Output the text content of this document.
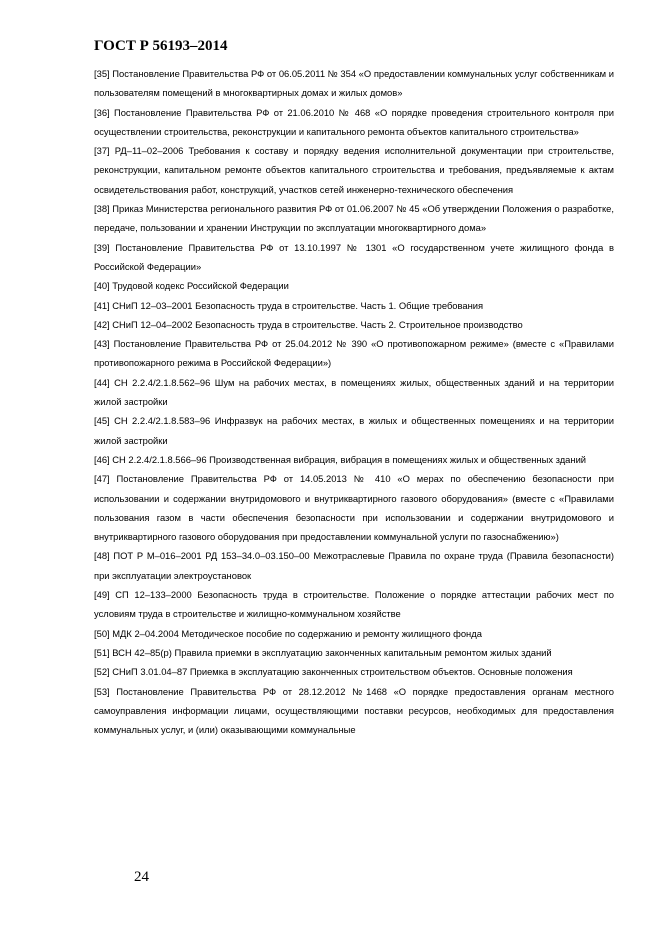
ГОСТ Р 56193–2014

[35] Постановление Правительства РФ от 06.05.2011 № 354 «О предоставлении коммунальных услуг собственникам и пользователям помещений в многоквартирных домах и жилых домов»

[36] Постановление Правительства РФ от 21.06.2010 № 468 «О порядке проведения строительного контроля при осуществлении строительства, реконструкции и капитального ремонта объектов капитального строительства»

[37] РД–11–02–2006 Требования к составу и порядку ведения исполнительной документации при строительстве, реконструкции, капитальном ремонте объектов капитального строительства и требования, предъявляемые к актам освидетельствования работ, конструкций, участков сетей инженерно-технического обеспечения

[38] Приказ Министерства регионального развития РФ от 01.06.2007 № 45 «Об утверждении Положения о разработке, передаче, пользовании и хранении Инструкции по эксплуатации многоквартирного дома»

[39] Постановление Правительства РФ от 13.10.1997 № 1301 «О государственном учете жилищного фонда в Российской Федерации»

[40] Трудовой кодекс Российской Федерации

[41] СНиП 12–03–2001 Безопасность труда в строительстве. Часть 1. Общие требования

[42] СНиП 12–04–2002 Безопасность труда в строительстве. Часть 2. Строительное производство

[43] Постановление Правительства РФ от 25.04.2012 № 390 «О противопожарном режиме» (вместе с «Правилами противопожарного режима в Российской Федерации»)

[44] СН 2.2.4/2.1.8.562–96 Шум на рабочих местах, в помещениях жилых, общественных зданий и на территории жилой застройки

[45] СН 2.2.4/2.1.8.583–96 Инфразвук на рабочих местах, в жилых и общественных помещениях и на территории жилой застройки

[46] СН 2.2.4/2.1.8.566–96 Производственная вибрация, вибрация в помещениях жилых и общественных зданий

[47] Постановление Правительства РФ от 14.05.2013 № 410 «О мерах по обеспечению безопасности при использовании и содержании внутридомового и внутриквартирного газового оборудования» (вместе с «Правилами пользования газом в части обеспечения безопасности при использовании и содержании внутридомового и внутриквартирного газового оборудования при предоставлении коммунальной услуги по газоснабжению»)

[48] ПОТ Р М–016–2001 РД 153–34.0–03.150–00 Межотраслевые Правила по охране труда (Правила безопасности) при эксплуатации электроустановок

[49] СП 12–133–2000 Безопасность труда в строительстве. Положение о порядке аттестации рабочих мест по условиям труда в строительстве и жилищно-коммунальном хозяйстве

[50] МДК 2–04.2004 Методическое пособие по содержанию и ремонту жилищного фонда

[51] ВСН 42–85(р) Правила приемки в эксплуатацию законченных капитальным ремонтом жилых зданий

[52] СНиП 3.01.04–87 Приемка в эксплуатацию законченных строительством объектов. Основные положения

[53] Постановление Правительства РФ от 28.12.2012 №1468 «О порядке предоставления органам местного самоуправления информации лицами, осуществляющими поставки ресурсов, необходимых для предоставления коммунальных услуг, и (или) оказывающими коммунальные

24
